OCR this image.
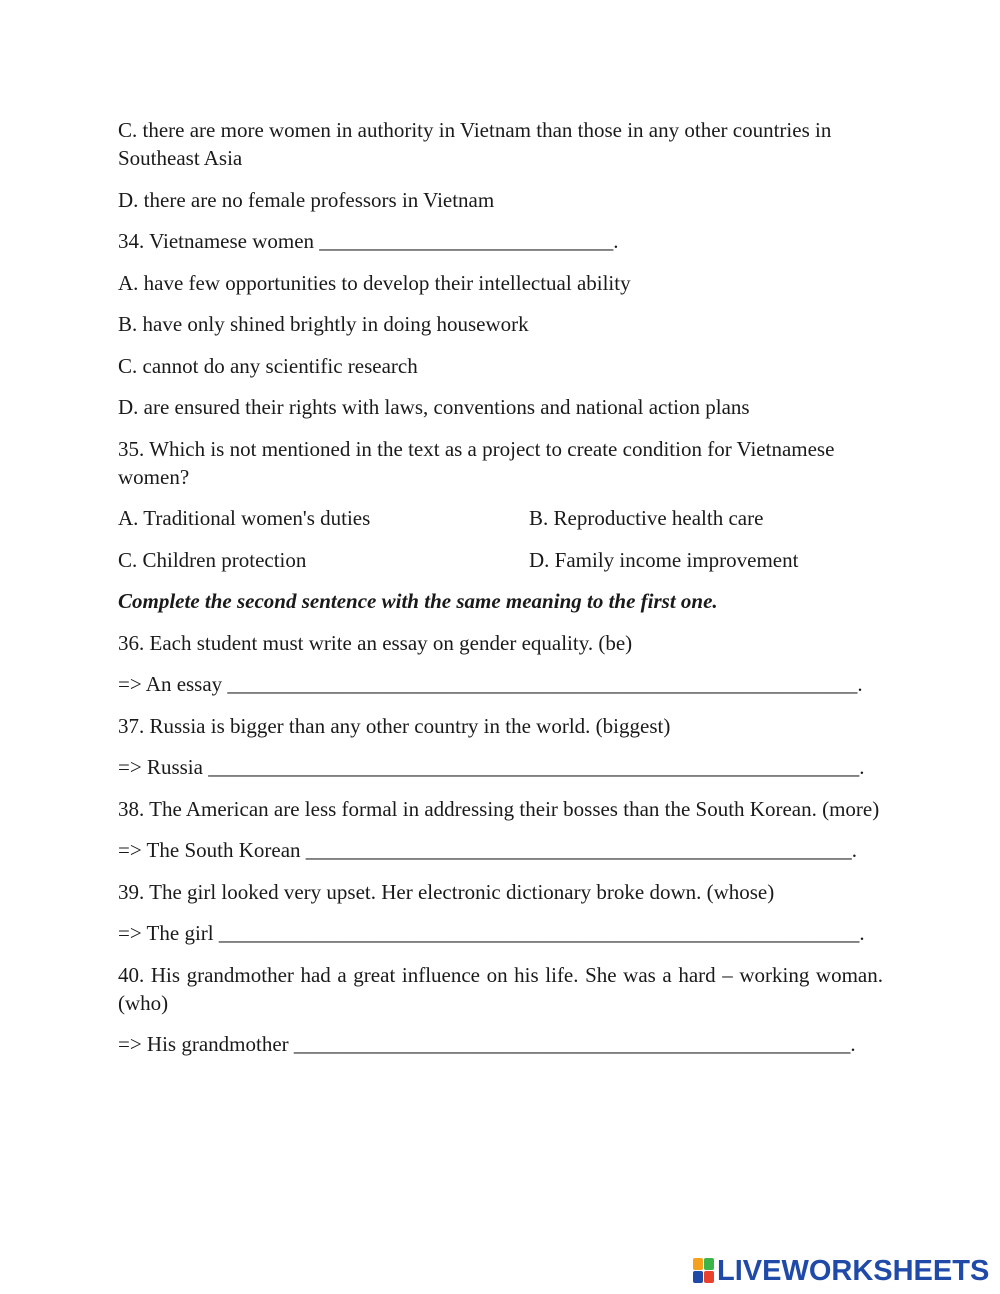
C. there are more women in authority in Vietnam than those in any other countries in Southeast Asia

D. there are no female professors in Vietnam

34. Vietnamese women ____________________________.

A. have few opportunities to develop their intellectual ability

B. have only shined brightly in doing housework

C. cannot do any scientific research

D. are ensured their rights with laws, conventions and national action plans

35. Which is not mentioned in the text as a project to create condition for Vietnamese women?

A. Traditional women's duties	B. Reproductive health care
C. Children protection	D. Family income improvement

Complete the second sentence with the same meaning to the first one.

36. Each student must write an essay on gender equality. (be)

=> An essay ____________________________________________________________.

37. Russia is bigger than any other country in the world. (biggest)

=> Russia ______________________________________________________________.

38. The American are less formal in addressing their bosses than the South Korean. (more)

=> The South Korean ____________________________________________________.

39. The girl looked very upset. Her electronic dictionary broke down. (whose)

=> The girl _____________________________________________________________.

40. His grandmother had a great influence on his life. She was a hard – working woman. (who)

=> His grandmother _____________________________________________________.

LIVEWORKSHEETS
